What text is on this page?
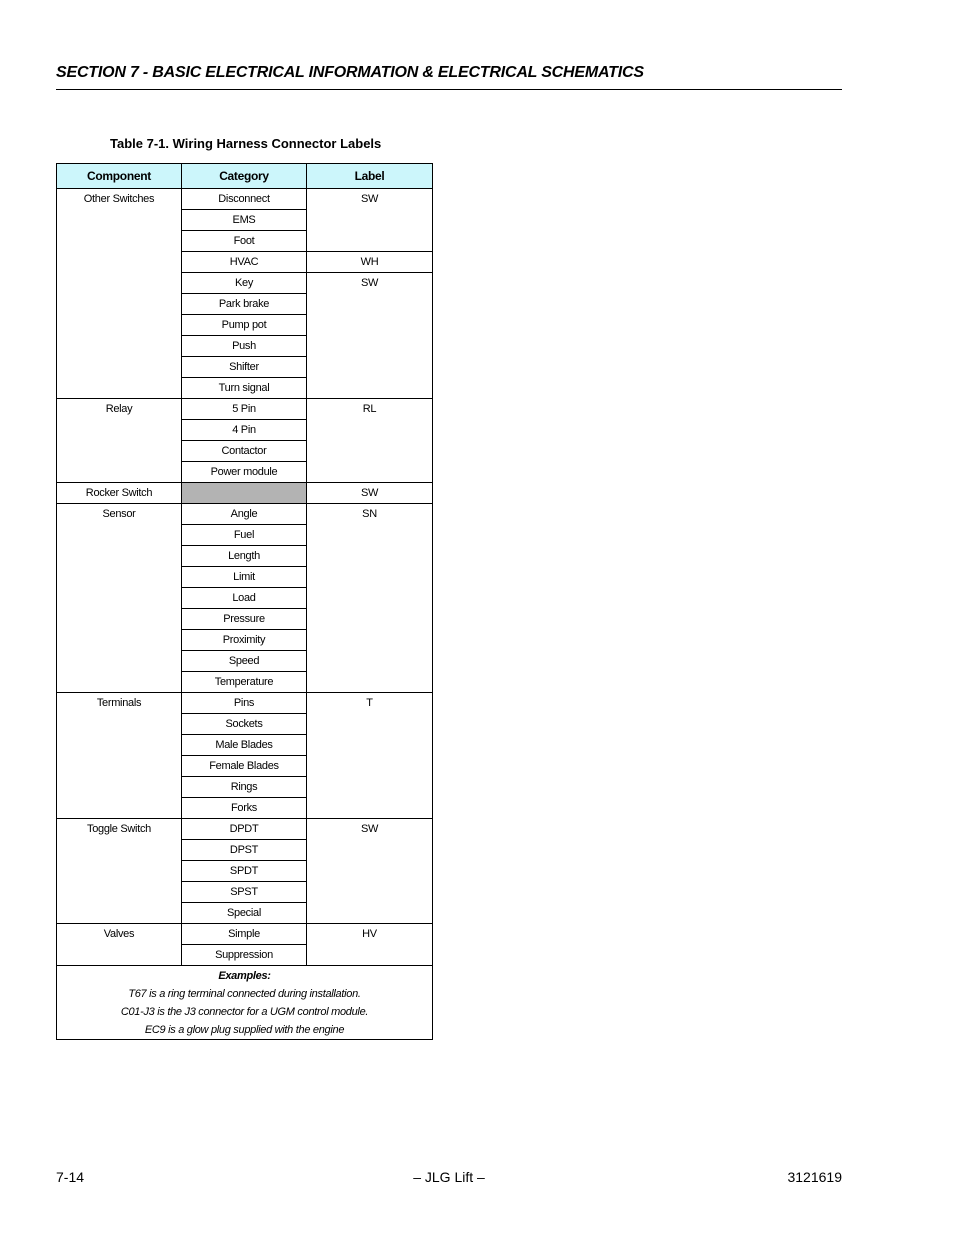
SECTION 7 - BASIC ELECTRICAL INFORMATION & ELECTRICAL SCHEMATICS
Table 7-1. Wiring Harness Connector Labels
Component	Category	Label
Other Switches	Disconnect	SW
	EMS	
	Foot	
	HVAC	WH
	Key	SW
	Park brake	
	Pump pot	
	Push	
	Shifter	
	Turn signal	
Relay	5 Pin	RL
	4 Pin	
	Contactor	
	Power module	
Rocker Switch		SW
Sensor	Angle	SN
	Fuel	
	Length	
	Limit	
	Load	
	Pressure	
	Proximity	
	Speed	
	Temperature	
Terminals	Pins	T
	Sockets	
	Male Blades	
	Female Blades	
	Rings	
	Forks	
Toggle Switch	DPDT	SW
	DPST	
	SPDT	
	SPST	
	Special	
Valves	Simple	HV
	Suppression	

Examples:
T67 is a ring terminal connected during installation.
C01-J3 is the J3 connector for a UGM control module.
EC9 is a glow plug supplied with the engine		
7-14	– JLG Lift –	3121619
